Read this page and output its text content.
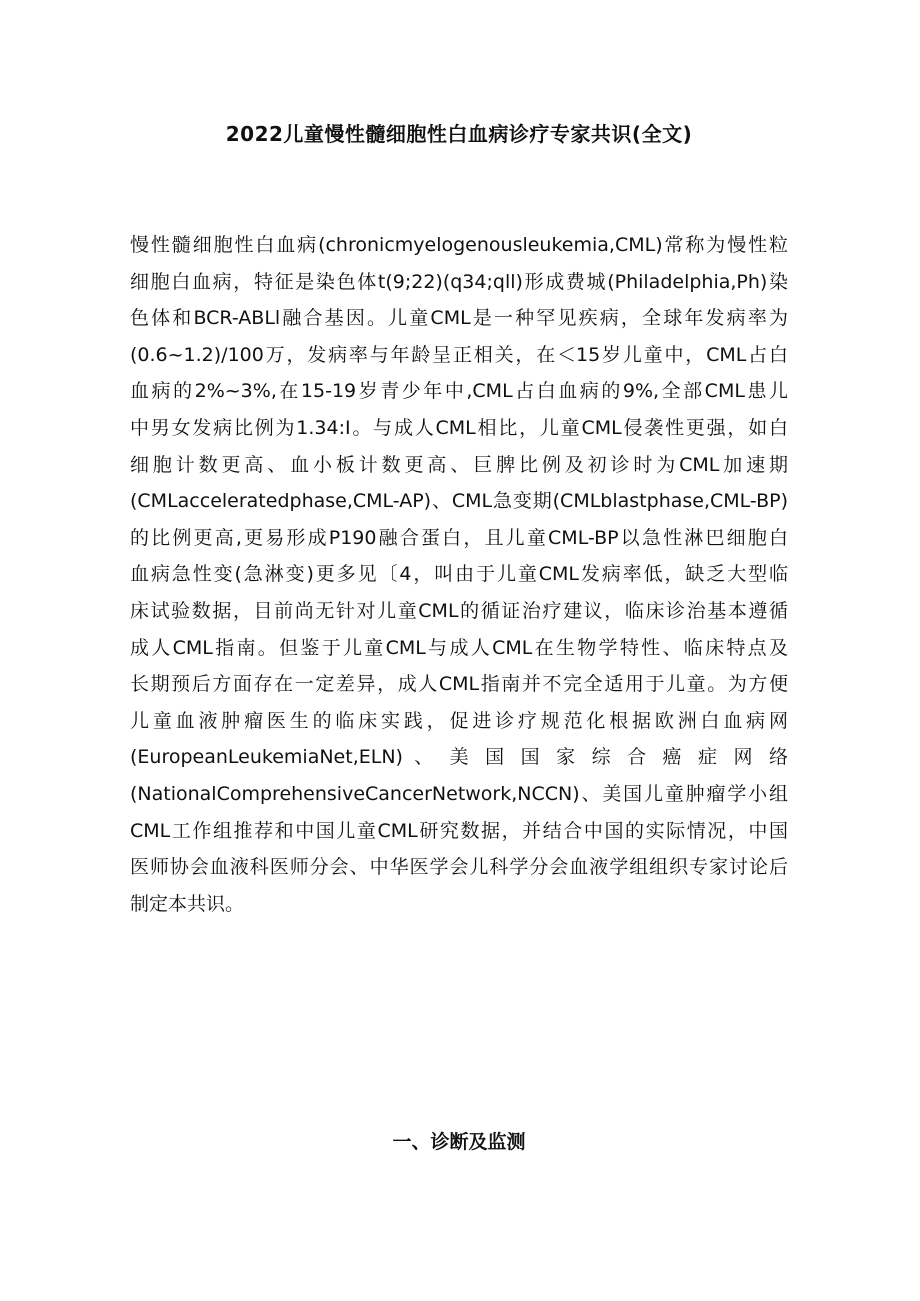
2022儿童慢性髓细胞性白血病诊疗专家共识(全文)
慢性髓细胞性白血病(chronicmyelogenousleukemia,CML)常称为慢性粒
细胞白血病，特征是染色体t(9;22)(q34;qll)形成费城(Philadelphia,Ph)染
色体和BCR-ABLl融合基因。儿童CML是一种罕见疾病，全球年发病率为
(0.6~1.2)/100万，发病率与年龄呈正相关，在＜15岁儿童中，CML占白
血病的2%~3%,在15-19岁青少年中,CML占白血病的9%,全部CML患儿
中男女发病比例为1.34:I。与成人CML相比，儿童CML侵袭性更强，如白
细胞计数更高、血小板计数更高、巨脾比例及初诊时为CML加速期
(CMLacceleratedphase,CML-AP)、CML急变期(CMLblastphase,CML-BP)
的比例更高,更易形成P190融合蛋白，且儿童CML-BP以急性淋巴细胞白
血病急性变(急淋变)更多见〔4，叫由于儿童CML发病率低，缺乏大型临
床试验数据，目前尚无针对儿童CML的循证治疗建议，临床诊治基本遵循
成人CML指南。但鉴于儿童CML与成人CML在生物学特性、临床特点及
长期预后方面存在一定差异，成人CML指南并不完全适用于儿童。为方便
儿童血液肿瘤医生的临床实践，促进诊疗规范化根据欧洲白血病网
(EuropeanLeukemiaNet,ELN) 、 美 国 国 家 综 合 癌 症 网 络
(NationalComprehensiveCancerNetwork,NCCN)、美国儿童肿瘤学小组
CML工作组推荐和中国儿童CML研究数据，并结合中国的实际情况，中国
医师协会血液科医师分会、中华医学会儿科学分会血液学组组织专家讨论后
制定本共识。
一、诊断及监测
